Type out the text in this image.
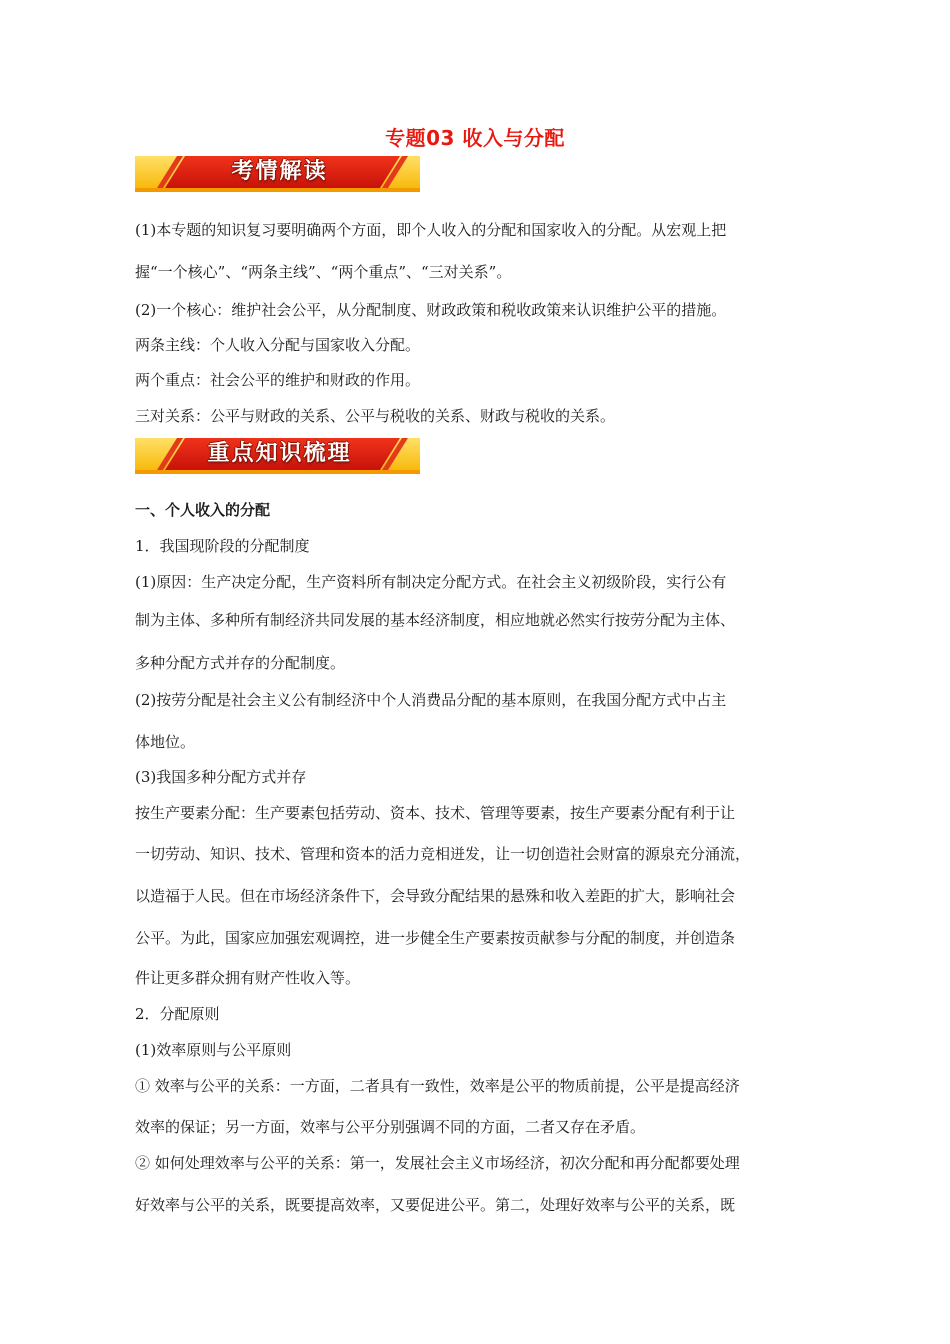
专题03 收入与分配
考情解读
(1)本专题的知识复习要明确两个方面，即个人收入的分配和国家收入的分配。从宏观上把
握“一个核心”、“两条主线”、“两个重点”、“三对关系”。
(2)一个核心：维护社会公平，从分配制度、财政政策和税收政策来认识维护公平的措施。
两条主线：个人收入分配与国家收入分配。
两个重点：社会公平的维护和财政的作用。
三对关系：公平与财政的关系、公平与税收的关系、财政与税收的关系。
重点知识梳理
一、个人收入的分配
1．我国现阶段的分配制度
(1)原因：生产决定分配，生产资料所有制决定分配方式。在社会主义初级阶段，实行公有
制为主体、多种所有制经济共同发展的基本经济制度，相应地就必然实行按劳分配为主体、
多种分配方式并存的分配制度。
(2)按劳分配是社会主义公有制经济中个人消费品分配的基本原则，在我国分配方式中占主
体地位。
(3)我国多种分配方式并存
按生产要素分配：生产要素包括劳动、资本、技术、管理等要素，按生产要素分配有利于让
一切劳动、知识、技术、管理和资本的活力竞相迸发，让一切创造社会财富的源泉充分涌流，
以造福于人民。但在市场经济条件下，会导致分配结果的悬殊和收入差距的扩大，影响社会
公平。为此，国家应加强宏观调控，进一步健全生产要素按贡献参与分配的制度，并创造条
件让更多群众拥有财产性收入等。
2．分配原则
(1)效率原则与公平原则
① 效率与公平的关系：一方面，二者具有一致性，效率是公平的物质前提，公平是提高经济
效率的保证；另一方面，效率与公平分别强调不同的方面，二者又存在矛盾。
② 如何处理效率与公平的关系：第一，发展社会主义市场经济，初次分配和再分配都要处理
好效率与公平的关系，既要提高效率，又要促进公平。第二，处理好效率与公平的关系，既
